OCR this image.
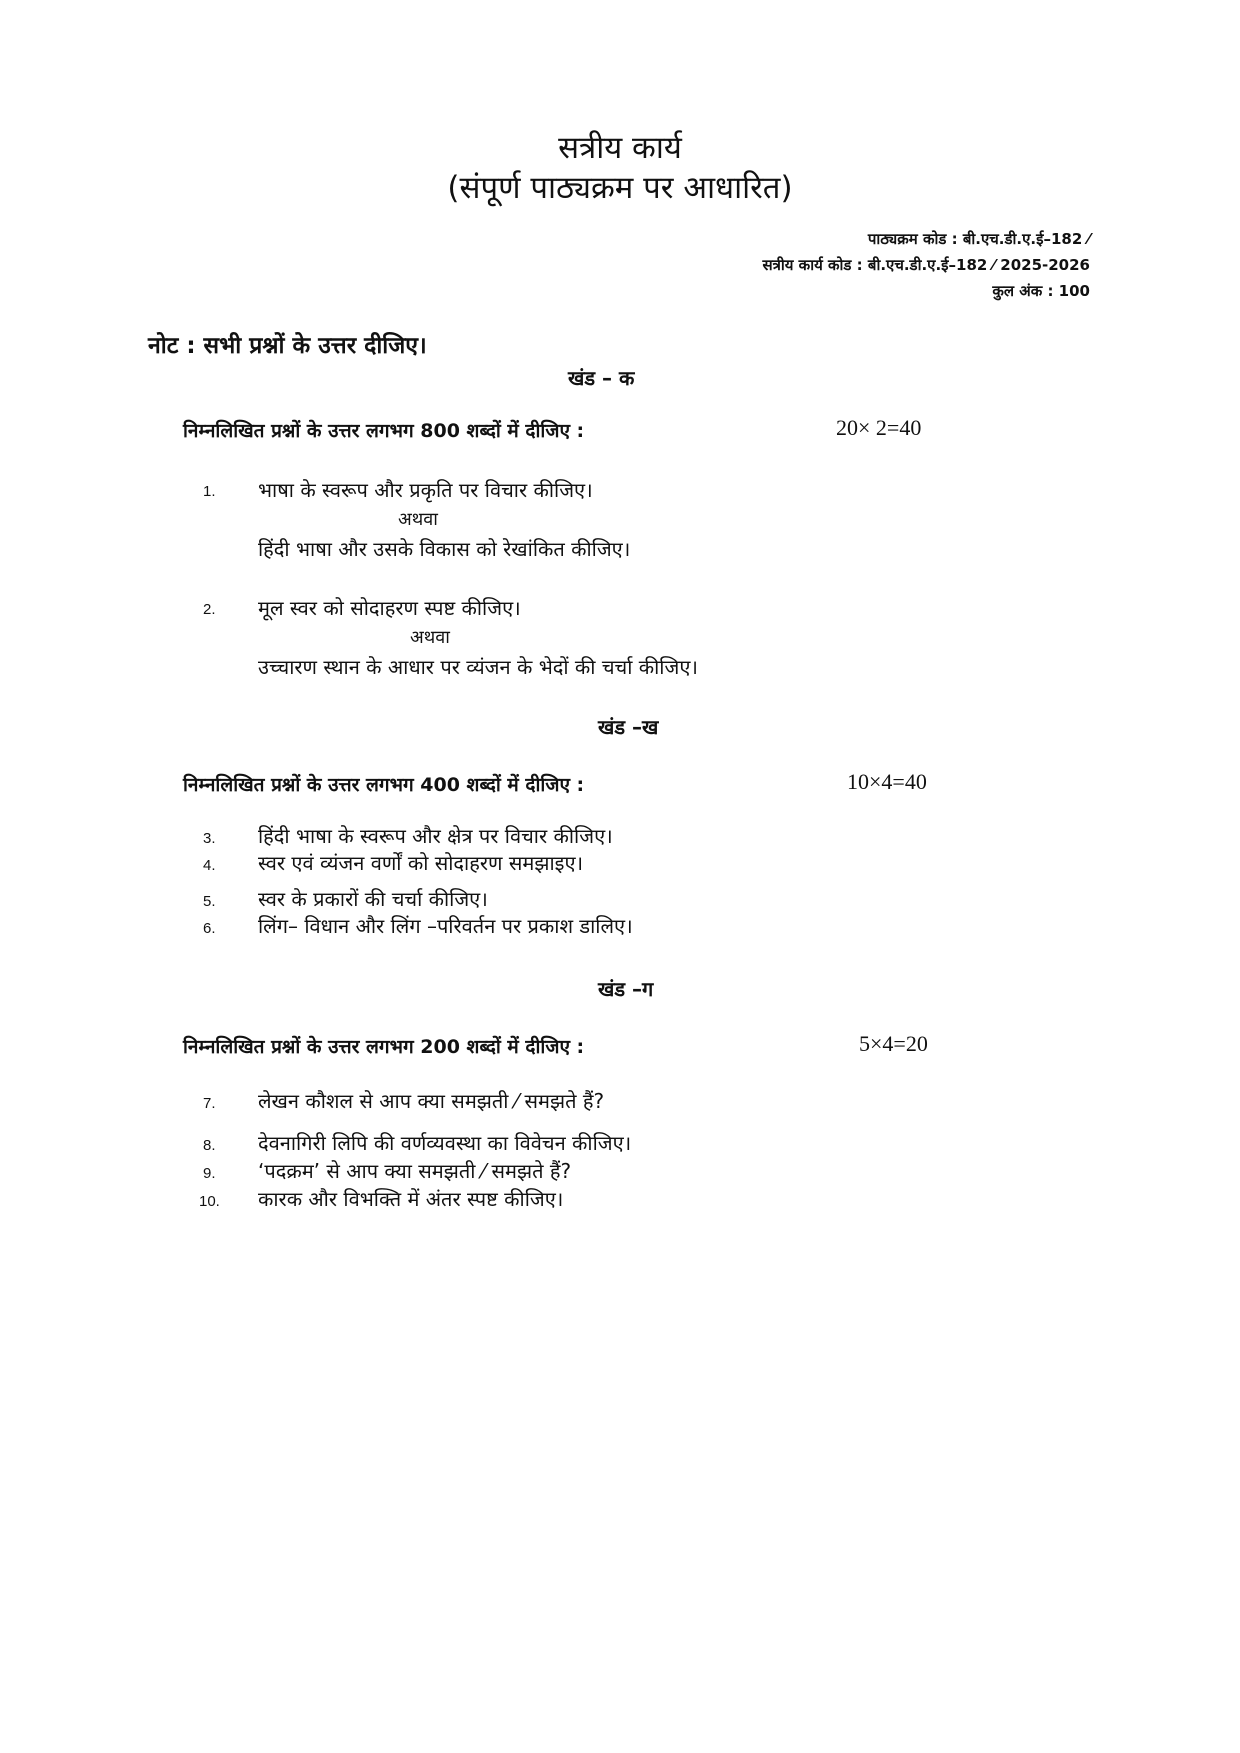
सत्रीय कार्य
(संपूर्ण पाठ्यक्रम पर आधारित)
पाठ्यक्रम कोड : बी.एच.डी.ए.ई–182 ⁄
सत्रीय कार्य कोड : बी.एच.डी.ए.ई–182 ⁄ 2025-2026
कुल अंक : 100
नोट : सभी प्रश्नों के उत्तर दीजिए।
खंड – क
निम्नलिखित प्रश्नों के उत्तर लगभग 800 शब्दों में दीजिए :	20× 2=40
1. भाषा के स्वरूप और प्रकृति पर विचार कीजिए।
अथवा
हिंदी भाषा और उसके विकास को रेखांकित कीजिए।
2. मूल स्वर को सोदाहरण स्पष्ट कीजिए।
अथवा
उच्चारण स्थान के आधार पर व्यंजन के भेदों की चर्चा कीजिए।
खंड –ख
निम्नलिखित प्रश्नों के उत्तर लगभग 400 शब्दों में दीजिए :	10×4=40
3. हिंदी भाषा के स्वरूप और क्षेत्र पर विचार कीजिए।
4. स्वर एवं व्यंजन वर्णों को सोदाहरण समझाइए।
5. स्वर के प्रकारों की चर्चा कीजिए।
6. लिंग– विधान और लिंग –परिवर्तन पर प्रकाश डालिए।
खंड –ग
निम्नलिखित प्रश्नों के उत्तर लगभग 200 शब्दों में दीजिए :	5×4=20
7. लेखन कौशल से आप क्या समझती ⁄ समझते हैं?
8. देवनागिरी लिपि की वर्णव्यवस्था का विवेचन कीजिए।
9. ‘पदक्रम’ से आप क्या समझती ⁄ समझते हैं?
10. कारक और विभक्ति में अंतर स्पष्ट कीजिए।
